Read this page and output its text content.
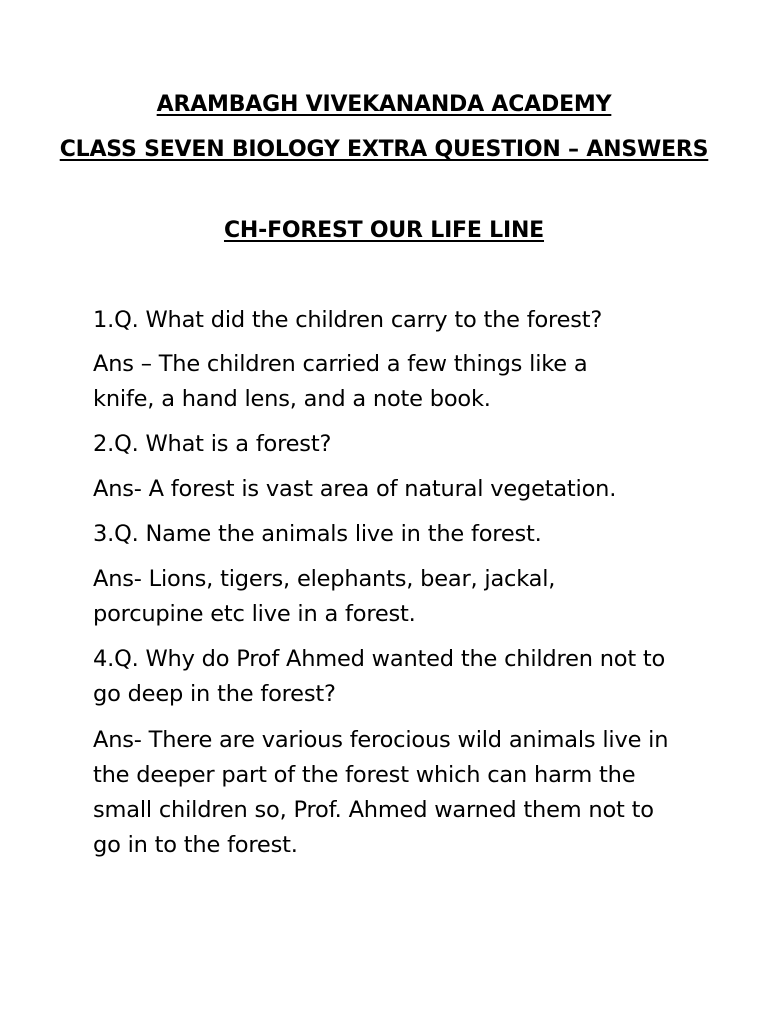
ARAMBAGH VIVEKANANDA ACADEMY
CLASS SEVEN BIOLOGY EXTRA QUESTION – ANSWERS
CH-FOREST OUR LIFE LINE
1.Q. What did the children carry to the forest?
Ans – The children carried a few things like a knife, a hand lens, and a note book.
2.Q. What is a forest?
Ans- A forest is vast area of natural vegetation.
3.Q. Name the animals live in the forest.
Ans- Lions, tigers, elephants, bear, jackal, porcupine etc live in a forest.
4.Q. Why do Prof Ahmed wanted the children not to go deep in the forest?
Ans- There are various ferocious wild animals live in the deeper part of the forest which can harm the small children so, Prof. Ahmed warned them not to go in to the forest.
